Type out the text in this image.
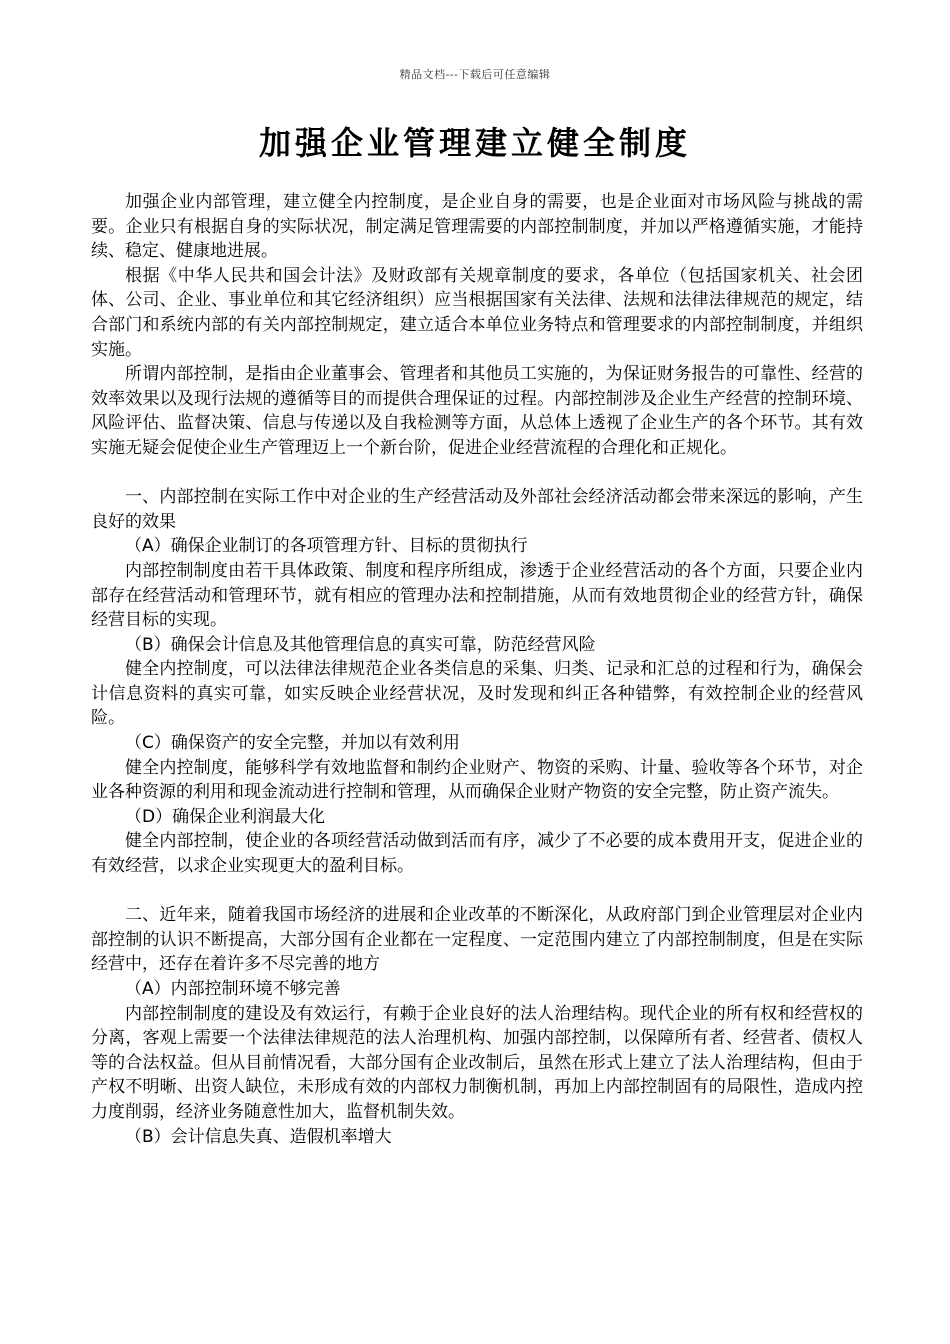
精品文档---下载后可任意编辑
加强企业管理建立健全制度

加强企业内部管理，建立健全内控制度，是企业自身的需要，也是企业面对市场风险与挑战的需要。企业只有根据自身的实际状况，制定满足管理需要的内部控制制度，并加以严格遵循实施，才能持续、稳定、健康地进展。

根据《中华人民共和国会计法》及财政部有关规章制度的要求，各单位（包括国家机关、社会团体、公司、企业、事业单位和其它经济组织）应当根据国家有关法律、法规和法律法律规范的规定，结合部门和系统内部的有关内部控制规定，建立适合本单位业务特点和管理要求的内部控制制度，并组织实施。

所谓内部控制，是指由企业董事会、管理者和其他员工实施的，为保证财务报告的可靠性、经营的效率效果以及现行法规的遵循等目的而提供合理保证的过程。内部控制涉及企业生产经营的控制环境、风险评估、监督决策、信息与传递以及自我检测等方面，从总体上透视了企业生产的各个环节。其有效实施无疑会促使企业生产管理迈上一个新台阶，促进企业经营流程的合理化和正规化。

一、内部控制在实际工作中对企业的生产经营活动及外部社会经济活动都会带来深远的影响，产生良好的效果

（A）确保企业制订的各项管理方针、目标的贯彻执行

内部控制制度由若干具体政策、制度和程序所组成，渗透于企业经营活动的各个方面，只要企业内部存在经营活动和管理环节，就有相应的管理办法和控制措施，从而有效地贯彻企业的经营方针，确保经营目标的实现。

（B）确保会计信息及其他管理信息的真实可靠，防范经营风险

健全内控制度，可以法律法律规范企业各类信息的采集、归类、记录和汇总的过程和行为，确保会计信息资料的真实可靠，如实反映企业经营状况，及时发现和纠正各种错弊，有效控制企业的经营风险。

（C）确保资产的安全完整，并加以有效利用

健全内控制度，能够科学有效地监督和制约企业财产、物资的采购、计量、验收等各个环节，对企业各种资源的利用和现金流动进行控制和管理，从而确保企业财产物资的安全完整，防止资产流失。

（D）确保企业利润最大化

健全内部控制，使企业的各项经营活动做到活而有序，减少了不必要的成本费用开支，促进企业的有效经营，以求企业实现更大的盈利目标。

二、近年来，随着我国市场经济的进展和企业改革的不断深化，从政府部门到企业管理层对企业内部控制的认识不断提高，大部分国有企业都在一定程度、一定范围内建立了内部控制制度，但是在实际经营中，还存在着许多不尽完善的地方

（A）内部控制环境不够完善

内部控制制度的建设及有效运行，有赖于企业良好的法人治理结构。现代企业的所有权和经营权的分离，客观上需要一个法律法律规范的法人治理机构、加强内部控制，以保障所有者、经营者、债权人等的合法权益。但从目前情况看，大部分国有企业改制后，虽然在形式上建立了法人治理结构，但由于产权不明晰、出资人缺位，未形成有效的内部权力制衡机制，再加上内部控制固有的局限性，造成内控力度削弱，经济业务随意性加大，监督机制失效。

（B）会计信息失真、造假机率增大
